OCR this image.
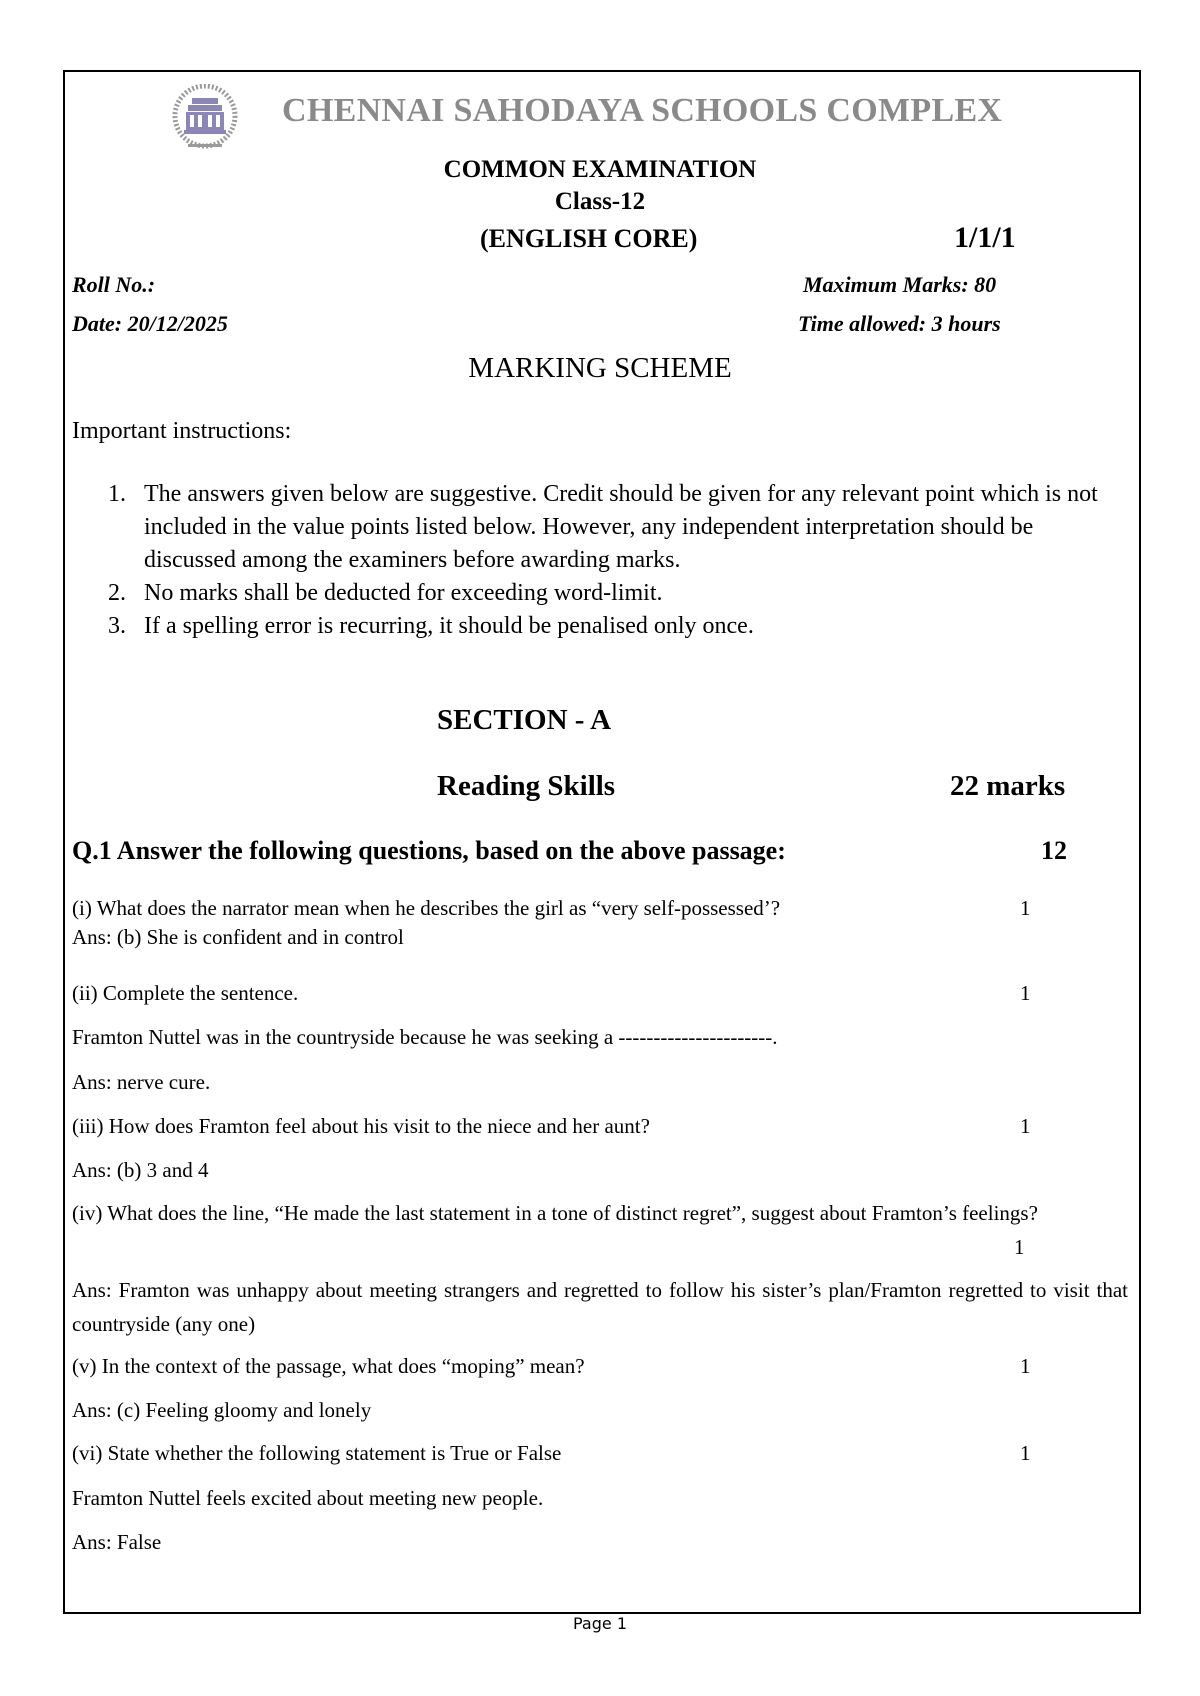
CHENNAI SAHODAYA SCHOOLS COMPLEX
COMMON EXAMINATION
Class-12
(ENGLISH CORE)	1/1/1
Roll No.:	Maximum Marks: 80
Date: 20/12/2025	Time allowed: 3 hours
MARKING SCHEME
Important instructions:
1. The answers given below are suggestive. Credit should be given for any relevant point which is not included in the value points listed below. However, any independent interpretation should be discussed among the examiners before awarding marks.
2. No marks shall be deducted for exceeding word-limit.
3. If a spelling error is recurring, it should be penalised only once.
SECTION - A
Reading Skills	22 marks
Q.1 Answer the following questions, based on the above passage:	12
(i) What does the narrator mean when he describes the girl as “very self-possessed’?	1
Ans: (b) She is confident and in control
(ii) Complete the sentence.	1
Framton Nuttel was in the countryside because he was seeking a ----------------------.
Ans: nerve cure.
(iii) How does Framton feel about his visit to the niece and her aunt?	1
Ans: (b) 3 and 4
(iv) What does the line, “He made the last statement in a tone of distinct regret”, suggest about Framton’s feelings?
1
Ans: Framton was unhappy about meeting strangers and regretted to follow his sister’s plan/Framton regretted to visit that countryside (any one)
(v) In the context of the passage, what does “moping” mean?	1
Ans: (c) Feeling gloomy and lonely
(vi) State whether the following statement is True or False	1
Framton Nuttel feels excited about meeting new people.
Ans: False
Page 1
